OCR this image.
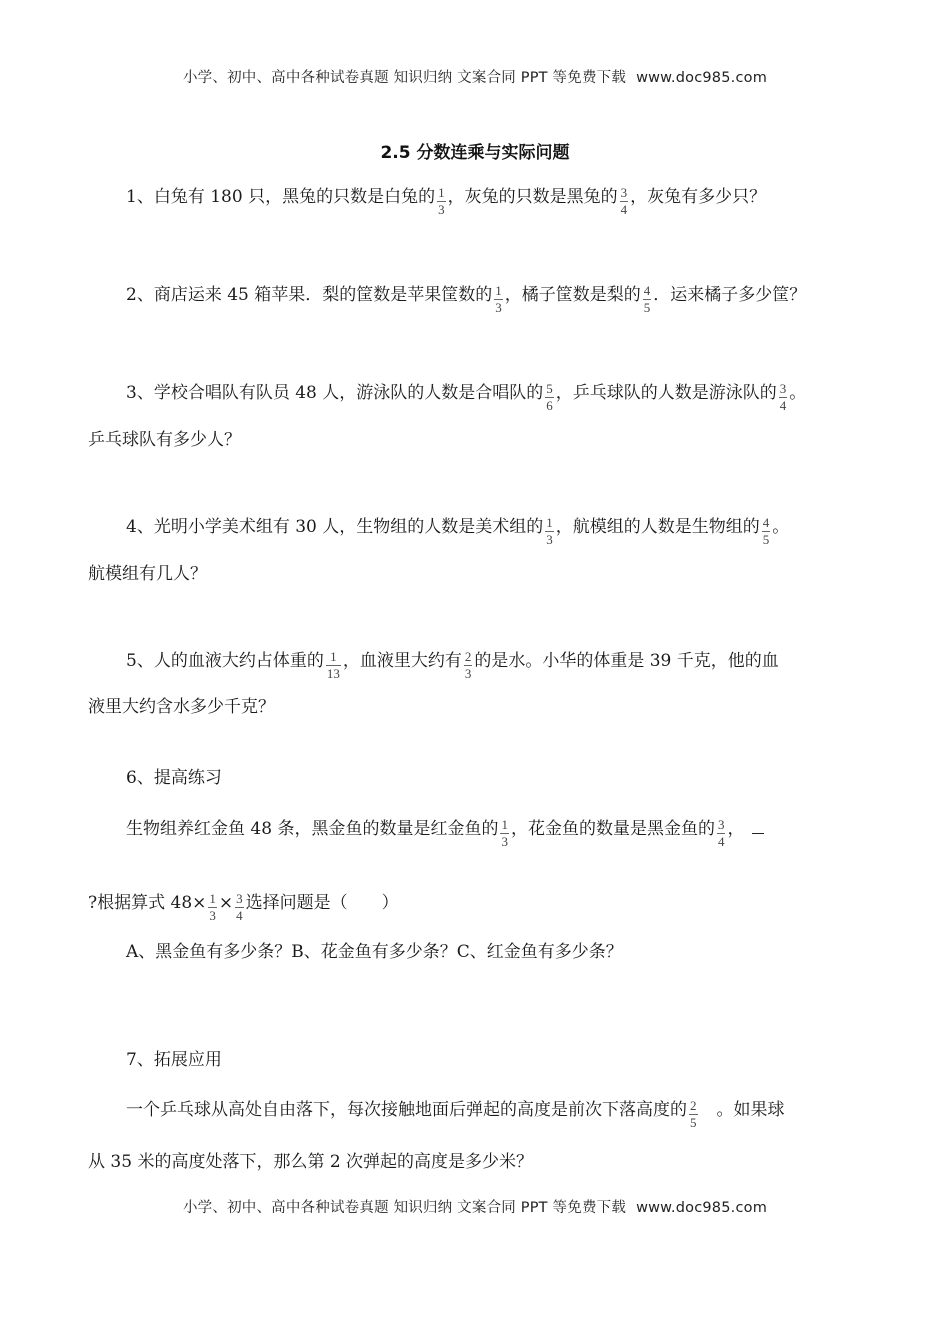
小学、初中、高中各种试卷真题 知识归纳 文案合同 PPT 等免费下载 www.doc985.com
2.5 分数连乘与实际问题
1、白兔有 180 只，黑兔的只数是白兔的 $\frac{1}{3}$ ，灰兔的只数是黑兔的 $\frac{3}{4}$ ，灰兔有多少只？
2、商店运来 45 箱苹果．梨的筐数是苹果筐数的 $\frac{1}{3}$ ，橘子筐数是梨的 $\frac{4}{5}$ ．运来橘子多少筐？
3、学校合唱队有队员 48 人，游泳队的人数是合唱队的 $\frac{5}{6}$ ，乒乓球队的人数是游泳队的 $\frac{3}{4}$ 。
乒乓球队有多少人？
4、光明小学美术组有 30 人，生物组的人数是美术组的 $\frac{1}{3}$ ，航模组的人数是生物组的 $\frac{4}{5}$ 。
航模组有几人？
5、人的血液大约占体重的 $\frac{1}{13}$ ，血液里大约有 $\frac{2}{3}$ 的是水。小华的体重是 39 千克，他的血
液里大约含水多少千克？
6、提高练习
生物组养红金鱼 48 条，黑金鱼的数量是红金鱼的 $\frac{1}{3}$ ，花金鱼的数量是黑金鱼的 $\frac{3}{4}$ ，
?根据算式 $48\times \frac{1}{3} \times \frac{3}{4}$ 选择问题是（　　）
A、黑金鱼有多少条？B、花金鱼有多少条？C、红金鱼有多少条？
7、拓展应用
一个乒乓球从高处自由落下，每次接触地面后弹起的高度是前次下落高度的 $\frac{2}{5}$ 　。如果球
从 35 米的高度处落下，那么第 2 次弹起的高度是多少米？
小学、初中、高中各种试卷真题 知识归纳 文案合同 PPT 等免费下载 www.doc985.com
